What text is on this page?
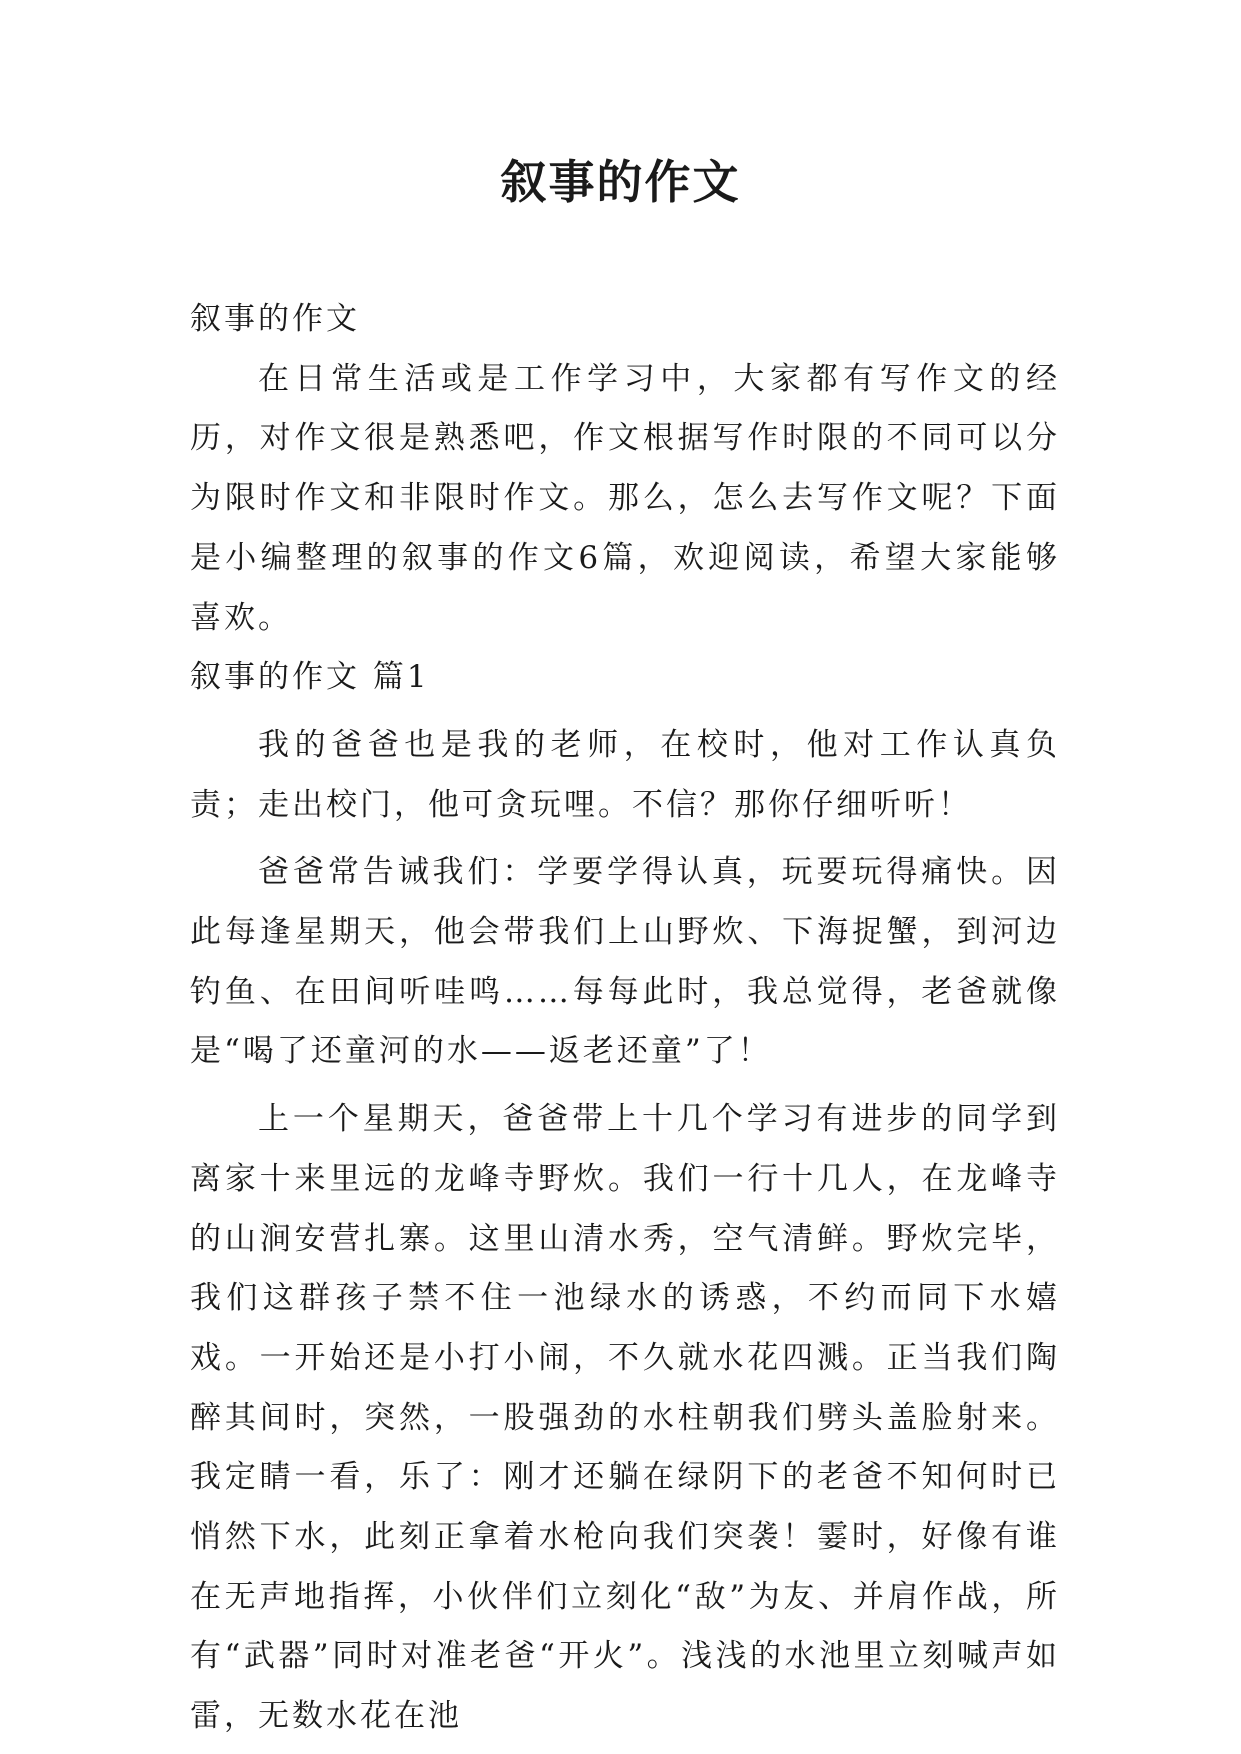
叙事的作文

叙事的作文

在日常生活或是工作学习中，大家都有写作文的经历，对作文很是熟悉吧，作文根据写作时限的不同可以分为限时作文和非限时作文。那么，怎么去写作文呢？下面是小编整理的叙事的作文6篇，欢迎阅读，希望大家能够喜欢。

叙事的作文 篇1

我的爸爸也是我的老师，在校时，他对工作认真负责；走出校门，他可贪玩哩。不信？那你仔细听听！

爸爸常告诫我们：学要学得认真，玩要玩得痛快。因此每逢星期天，他会带我们上山野炊、下海捉蟹，到河边钓鱼、在田间听哇鸣……每每此时，我总觉得，老爸就像是“喝了还童河的水——返老还童”了！

上一个星期天，爸爸带上十几个学习有进步的同学到离家十来里远的龙峰寺野炊。我们一行十几人，在龙峰寺的山涧安营扎寨。这里山清水秀，空气清鲜。野炊完毕，我们这群孩子禁不住一池绿水的诱惑，不约而同下水嬉戏。一开始还是小打小闹，不久就水花四溅。正当我们陶醉其间时，突然，一股强劲的水柱朝我们劈头盖脸射来。我定睛一看，乐了：刚才还躺在绿阴下的老爸不知何时已悄然下水，此刻正拿着水枪向我们突袭！霎时，好像有谁在无声地指挥，小伙伴们立刻化“敌”为友、并肩作战，所有“武器”同时对准老爸“开火”。浅浅的水池里立刻喊声如雷，无数水花在池
